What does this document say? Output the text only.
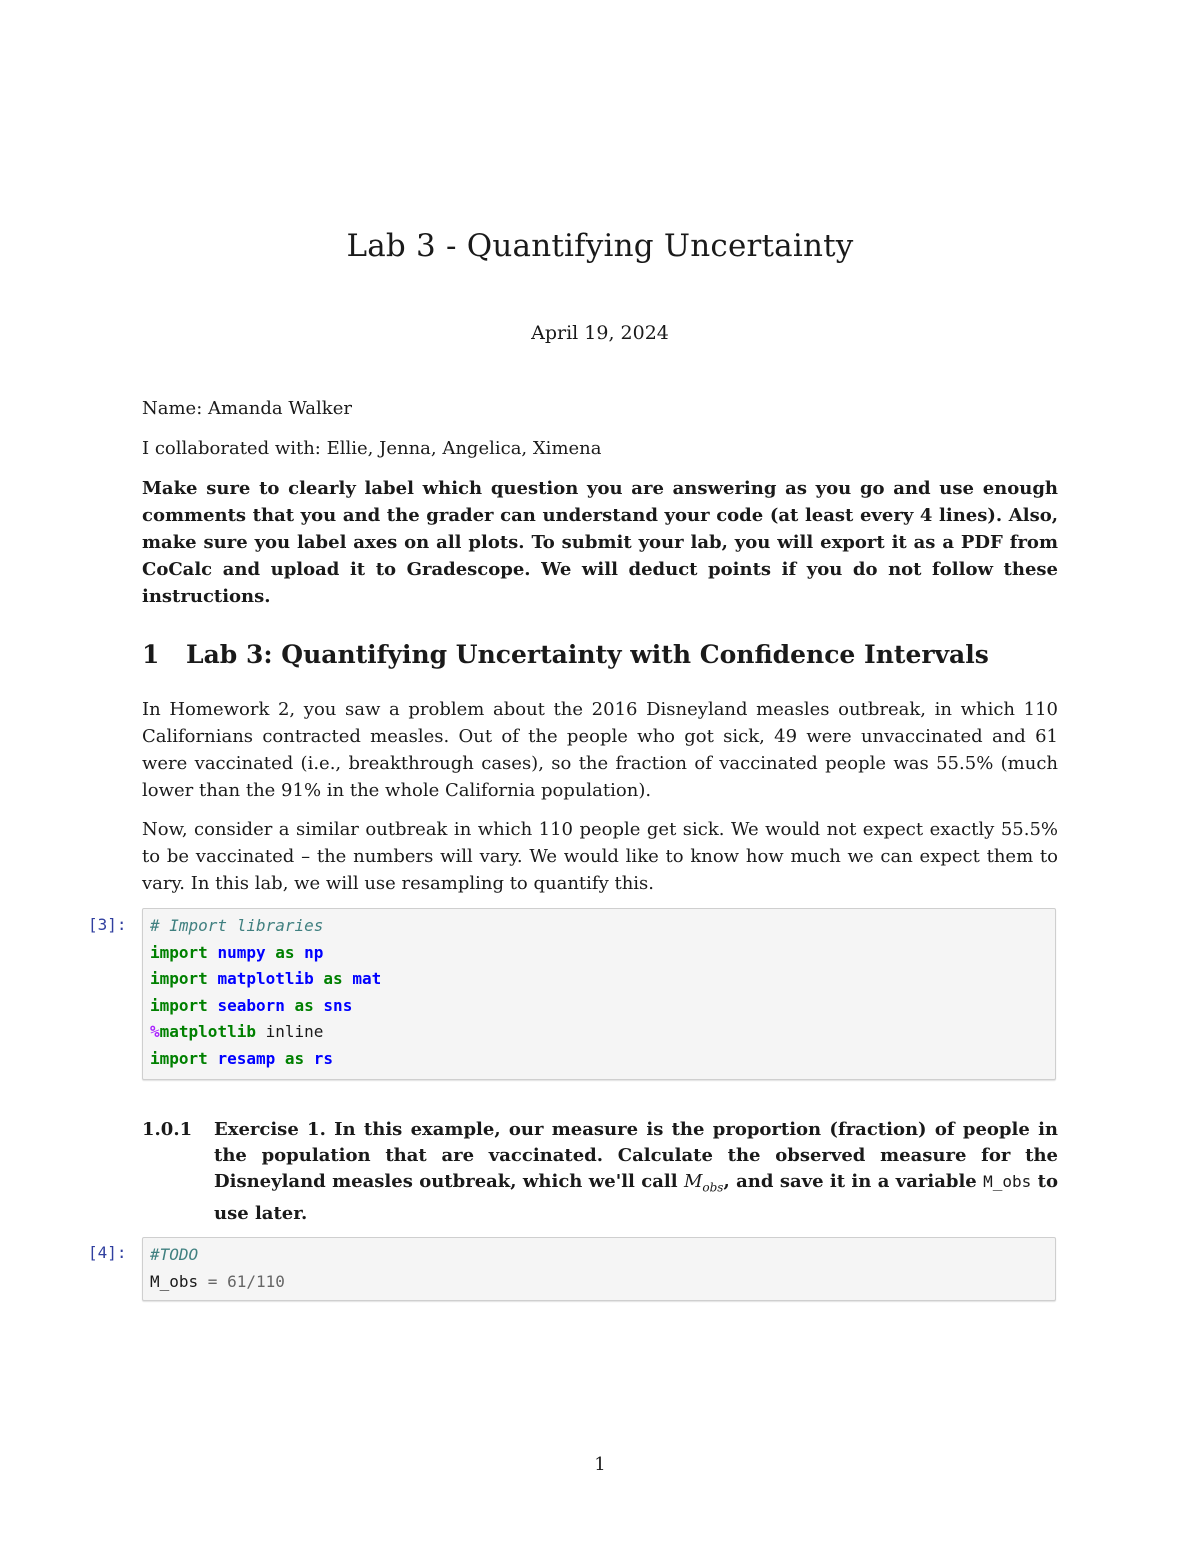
Lab 3 - Quantifying Uncertainty
April 19, 2024

Name: Amanda Walker

I collaborated with: Ellie, Jenna, Angelica, Ximena

Make sure to clearly label which question you are answering as you go and use enough comments that you and the grader can understand your code (at least every 4 lines). Also, make sure you label axes on all plots. To submit your lab, you will export it as a PDF from CoCalc and upload it to Gradescope. We will deduct points if you do not follow these instructions.

1 Lab 3: Quantifying Uncertainty with Confidence Intervals

In Homework 2, you saw a problem about the 2016 Disneyland measles outbreak, in which 110 Californians contracted measles. Out of the people who got sick, 49 were unvaccinated and 61 were vaccinated (i.e., breakthrough cases), so the fraction of vaccinated people was 55.5% (much lower than the 91% in the whole California population).

Now, consider a similar outbreak in which 110 people get sick. We would not expect exactly 55.5% to be vaccinated – the numbers will vary. We would like to know how much we can expect them to vary. In this lab, we will use resampling to quantify this.

[3]:	# Import libraries
import numpy as np
import matplotlib as mat
import seaborn as sns
%matplotlib inline
import resamp as rs
1.0.1	Exercise 1. In this example, our measure is the proportion (fraction) of people in the population that are vaccinated. Calculate the observed measure for the Disneyland measles outbreak, which we'll call $M_{obs}$, and save it in a variable M_obs to use later.
[4]:	#TODO
M_obs = 61/110
1
